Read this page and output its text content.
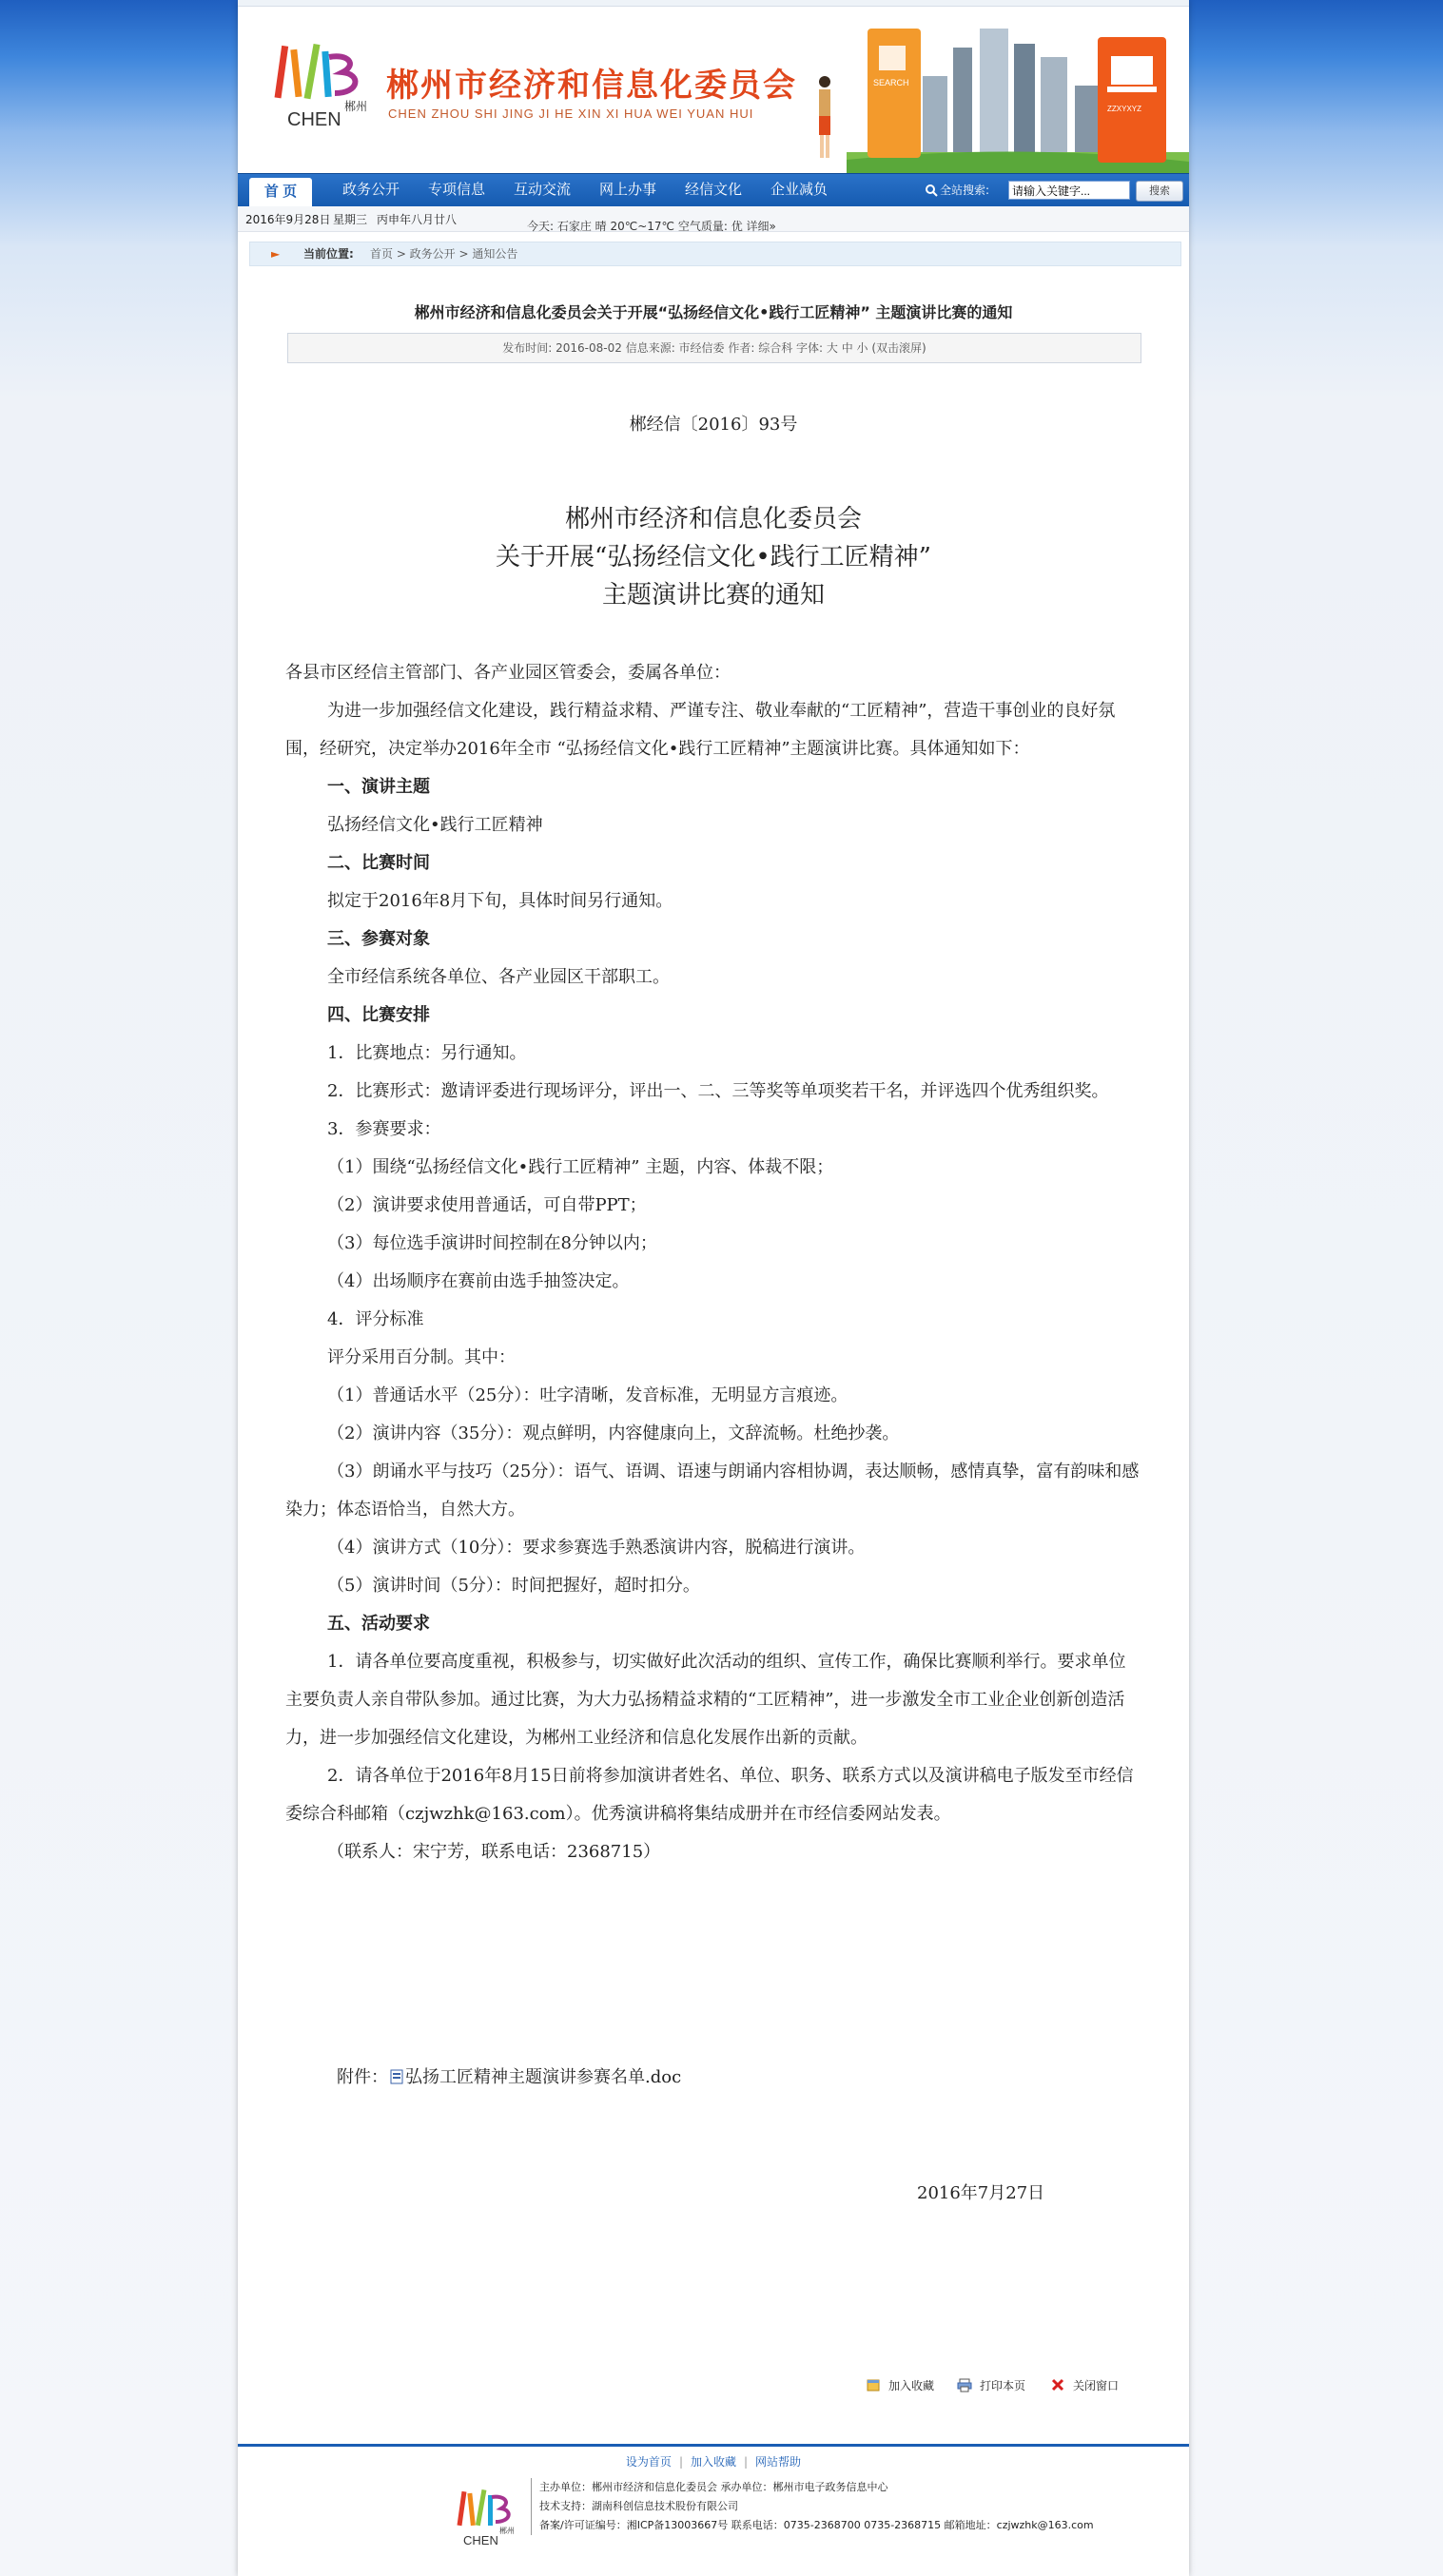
郴州
CHEN
郴州市经济和信息化委员会
CHEN ZHOU SHI JING JI HE XIN XI HUA WEI YUAN HUI
SEARCH
ZZXYXYZ
首 页	政务公开	专项信息	互动交流	网上办事	经信文化	企业减负	全站搜索:
请输入关键字...	搜索
2016年9月28日 星期三 丙申年八月廿八	今天: 石家庄 晴 20℃~17℃ 空气质量: 优 详细»
► 当前位置: 首页 > 政务公开 > 通知公告
郴州市经济和信息化委员会关于开展“弘扬经信文化•践行工匠精神” 主题演讲比赛的通知
发布时间: 2016-08-02 信息来源: 市经信委 作者: 综合科 字体: 大 中 小 (双击滚屏)
郴经信〔2016〕93号
郴州市经济和信息化委员会
关于开展“弘扬经信文化•践行工匠精神”
主题演讲比赛的通知

各县市区经信主管部门、各产业园区管委会，委属各单位：

为进一步加强经信文化建设，践行精益求精、严谨专注、敬业奉献的“工匠精神”，营造干事创业的良好氛围，经研究，决定举办2016年全市 “弘扬经信文化•践行工匠精神”主题演讲比赛。具体通知如下：

一、演讲主题

弘扬经信文化•践行工匠精神

二、比赛时间

拟定于2016年8月下旬，具体时间另行通知。

三、参赛对象

全市经信系统各单位、各产业园区干部职工。

四、比赛安排

1．比赛地点：另行通知。

2．比赛形式：邀请评委进行现场评分，评出一、二、三等奖等单项奖若干名，并评选四个优秀组织奖。

3．参赛要求：

（1）围绕“弘扬经信文化•践行工匠精神” 主题，内容、体裁不限；

（2）演讲要求使用普通话，可自带PPT；

（3）每位选手演讲时间控制在8分钟以内；

（4）出场顺序在赛前由选手抽签决定。

4．评分标准

评分采用百分制。其中：

（1）普通话水平（25分）：吐字清晰，发音标准，无明显方言痕迹。

（2）演讲内容（35分）：观点鲜明，内容健康向上，文辞流畅。杜绝抄袭。

（3）朗诵水平与技巧（25分）：语气、语调、语速与朗诵内容相协调，表达顺畅，感情真挚，富有韵味和感染力；体态语恰当，自然大方。

（4）演讲方式（10分）：要求参赛选手熟悉演讲内容，脱稿进行演讲。

（5）演讲时间（5分）：时间把握好，超时扣分。

五、活动要求

1．请各单位要高度重视，积极参与，切实做好此次活动的组织、宣传工作，确保比赛顺利举行。要求单位主要负责人亲自带队参加。通过比赛，为大力弘扬精益求精的“工匠精神”，进一步激发全市工业企业创新创造活力，进一步加强经信文化建设，为郴州工业经济和信息化发展作出新的贡献。

2．请各单位于2016年8月15日前将参加演讲者姓名、单位、职务、联系方式以及演讲稿电子版发至市经信委综合科邮箱（czjwzhk@163.com）。优秀演讲稿将集结成册并在市经信委网站发表。

（联系人：宋宁芳，联系电话：2368715）

附件： 弘扬工匠精神主题演讲参赛名单.doc
2016年7月27日
加入收藏	打印本页	关闭窗口
设为首页 | 加入收藏 | 网站帮助
郴州
CHEN
主办单位：郴州市经济和信息化委员会 承办单位：郴州市电子政务信息中心
技术支持：湖南科创信息技术股份有限公司
备案/许可证编号：湘ICP备13003667号 联系电话：0735-2368700 0735-2368715 邮箱地址：czjwzhk@163.com
